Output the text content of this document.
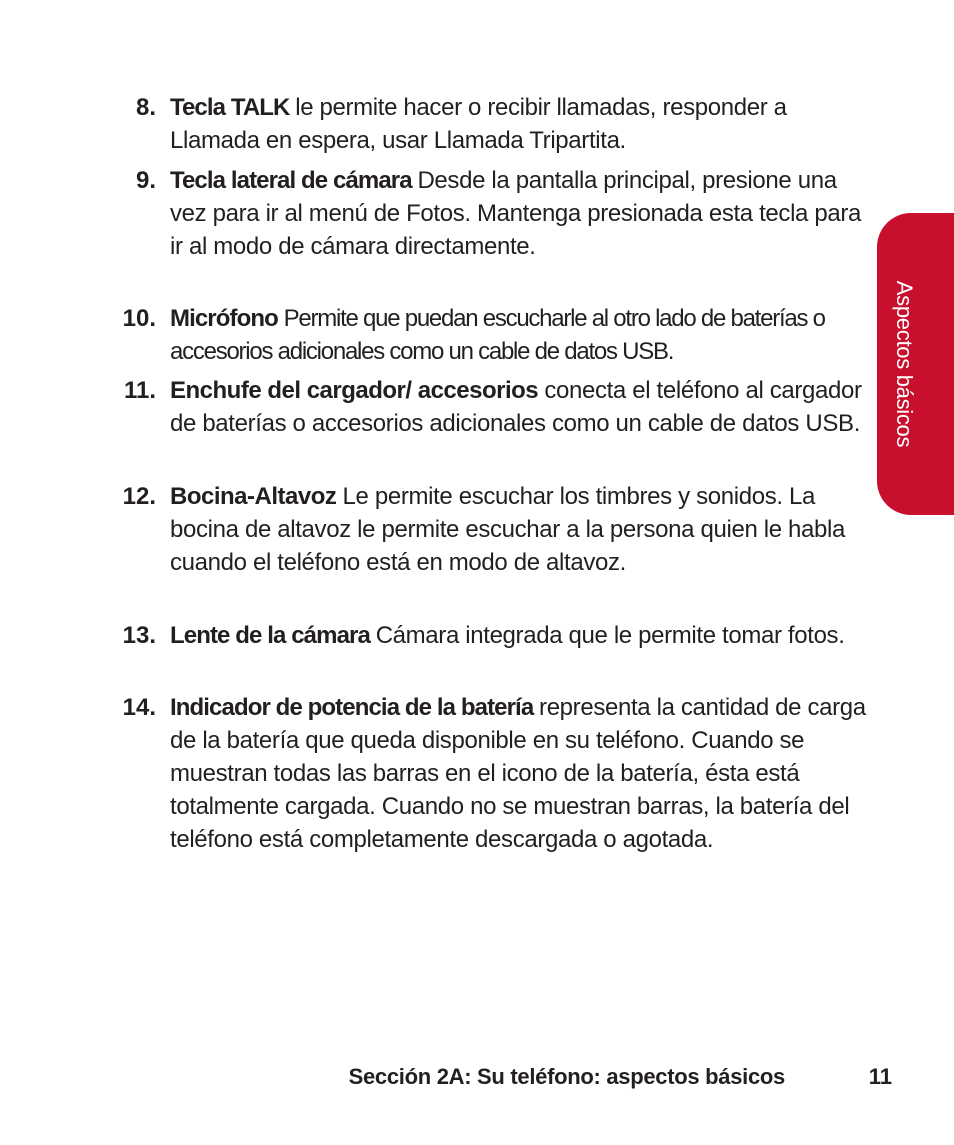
8. Tecla TALK le permite hacer o recibir llamadas, responder a Llamada en espera, usar Llamada Tripartita.
9. Tecla lateral de cámara Desde la pantalla principal, presione una vez para ir al menú de Fotos. Mantenga presionada esta tecla para ir al modo de cámara directamente.
10. Micrófono Permite que puedan escucharle al otro lado de baterías o accesorios adicionales como un cable de datos USB.
11. Enchufe del cargador/ accesorios conecta el teléfono al cargador de baterías o accesorios adicionales como un cable de datos USB.
12. Bocina-Altavoz Le permite escuchar los timbres y sonidos. La bocina de altavoz le permite escuchar a la persona quien le habla cuando el teléfono está en modo de altavoz.
13. Lente de la cámara Cámara integrada que le permite tomar fotos.
14. Indicador de potencia de la batería representa la cantidad de carga de la batería que queda disponible en su teléfono. Cuando se muestran todas las barras en el icono de la batería, ésta está totalmente cargada. Cuando no se muestran barras, la batería del teléfono está completamente descargada o agotada.
Aspectos básicos
Sección 2A: Su teléfono: aspectos básicos	11
